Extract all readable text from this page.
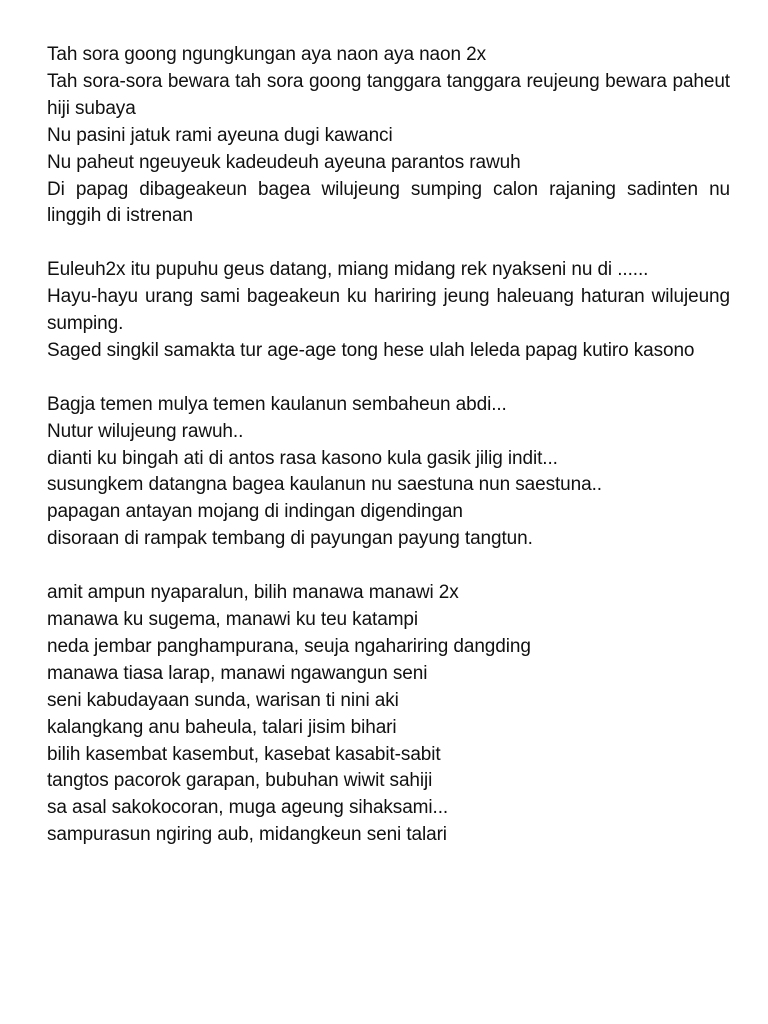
Tah sora goong ngungkungan aya naon aya naon 2x
Tah sora-sora bewara tah sora goong tanggara tanggara reujeung bewara paheut hiji subaya
Nu pasini jatuk rami ayeuna dugi kawanci
Nu paheut ngeuyeuk kadeudeuh ayeuna parantos rawuh
Di papag dibageakeun bagea wilujeung sumping calon rajaning sadinten nu linggih di istrenan
Euleuh2x itu pupuhu geus datang, miang midang rek nyakseni nu di ......
Hayu-hayu urang sami bageakeun ku hariring jeung haleuang haturan wilujeung sumping.
Saged singkil samakta tur age-age tong hese ulah leleda papag kutiro kasono
Bagja temen mulya temen kaulanun sembaheun abdi...
Nutur wilujeung rawuh..
dianti ku bingah ati di antos rasa kasono kula gasik jilig indit...
susungkem datangna bagea kaulanun nu saestuna nun saestuna..
papagan antayan mojang di indingan digendingan
disoraan di rampak tembang di payungan payung tangtun.
amit ampun nyaparalun, bilih manawa manawi 2x
manawa ku sugema, manawi ku teu katampi
neda jembar panghampurana, seuja ngahariring dangding
manawa tiasa larap, manawi ngawangun seni
seni kabudayaan sunda, warisan ti nini aki
kalangkang anu baheula, talari jisim bihari
bilih kasembat kasembut, kasebat kasabit-sabit
tangtos pacorok garapan, bubuhan wiwit sahiji
sa asal sakokocoran, muga ageung sihaksami...
sampurasun ngiring aub, midangkeun seni talari
